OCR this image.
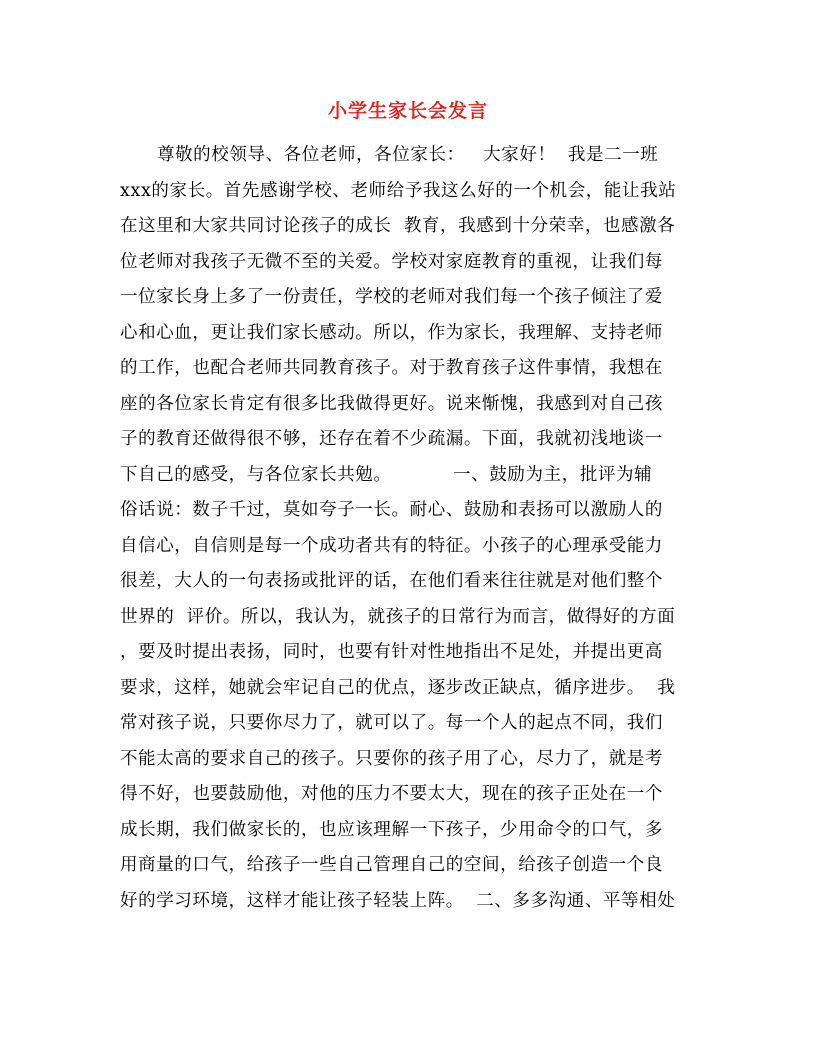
小学生家长会发言
尊敬的校领导、各位老师，各位家长：   大家好！  我是二一班
xxx的家长。首先感谢学校、老师给予我这么好的一个机会，能让我站
在这里和大家共同讨论孩子的成长  教育，我感到十分荣幸，也感激各
位老师对我孩子无微不至的关爱。学校对家庭教育的重视，让我们每
一位家长身上多了一份责任，学校的老师对我们每一个孩子倾注了爱
心和心血，更让我们家长感动。所以，作为家长，我理解、支持老师
的工作，也配合老师共同教育孩子。对于教育孩子这件事情，我想在
座的各位家长肯定有很多比我做得更好。说来惭愧，我感到对自己孩
子的教育还做得很不够，还存在着不少疏漏。下面，我就初浅地谈一
下自己的感受，与各位家长共勉。          一、鼓励为主，批评为辅
俗话说：数子千过，莫如夸子一长。耐心、鼓励和表扬可以激励人的
自信心，自信则是每一个成功者共有的特征。小孩子的心理承受能力
很差，大人的一句表扬或批评的话，在他们看来往往就是对他们整个
世界的  评价。所以，我认为，就孩子的日常行为而言，做得好的方面
，要及时提出表扬，同时，也要有针对性地指出不足处，并提出更高
要求，这样，她就会牢记自己的优点，逐步改正缺点，循序进步。  我
常对孩子说，只要你尽力了，就可以了。每一个人的起点不同，我们
不能太高的要求自己的孩子。只要你的孩子用了心，尽力了，就是考
得不好，也要鼓励他，对他的压力不要太大，现在的孩子正处在一个
成长期，我们做家长的，也应该理解一下孩子，少用命令的口气，多
用商量的口气，给孩子一些自己管理自己的空间，给孩子创造一个良
好的学习环境，这样才能让孩子轻装上阵。  二、多多沟通、平等相处
